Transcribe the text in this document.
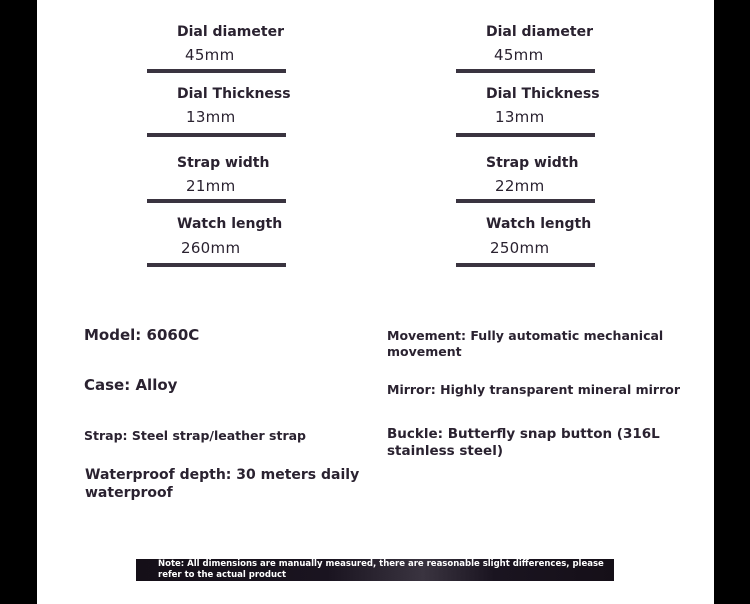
Dial diameter
45mm
Dial Thickness
13mm
Strap width
21mm
Watch length
260mm
Dial diameter
45mm
Dial Thickness
13mm
Strap width
22mm
Watch length
250mm
Model: 6060C
Case: Alloy
Strap: Steel strap/leather strap
Waterproof depth: 30 meters daily waterproof
Movement: Fully automatic mechanical movement
Mirror: Highly transparent mineral mirror
Buckle: Butterfly snap button (316L stainless steel)
Note: All dimensions are manually measured, there are reasonable slight differences, please refer to the actual product
